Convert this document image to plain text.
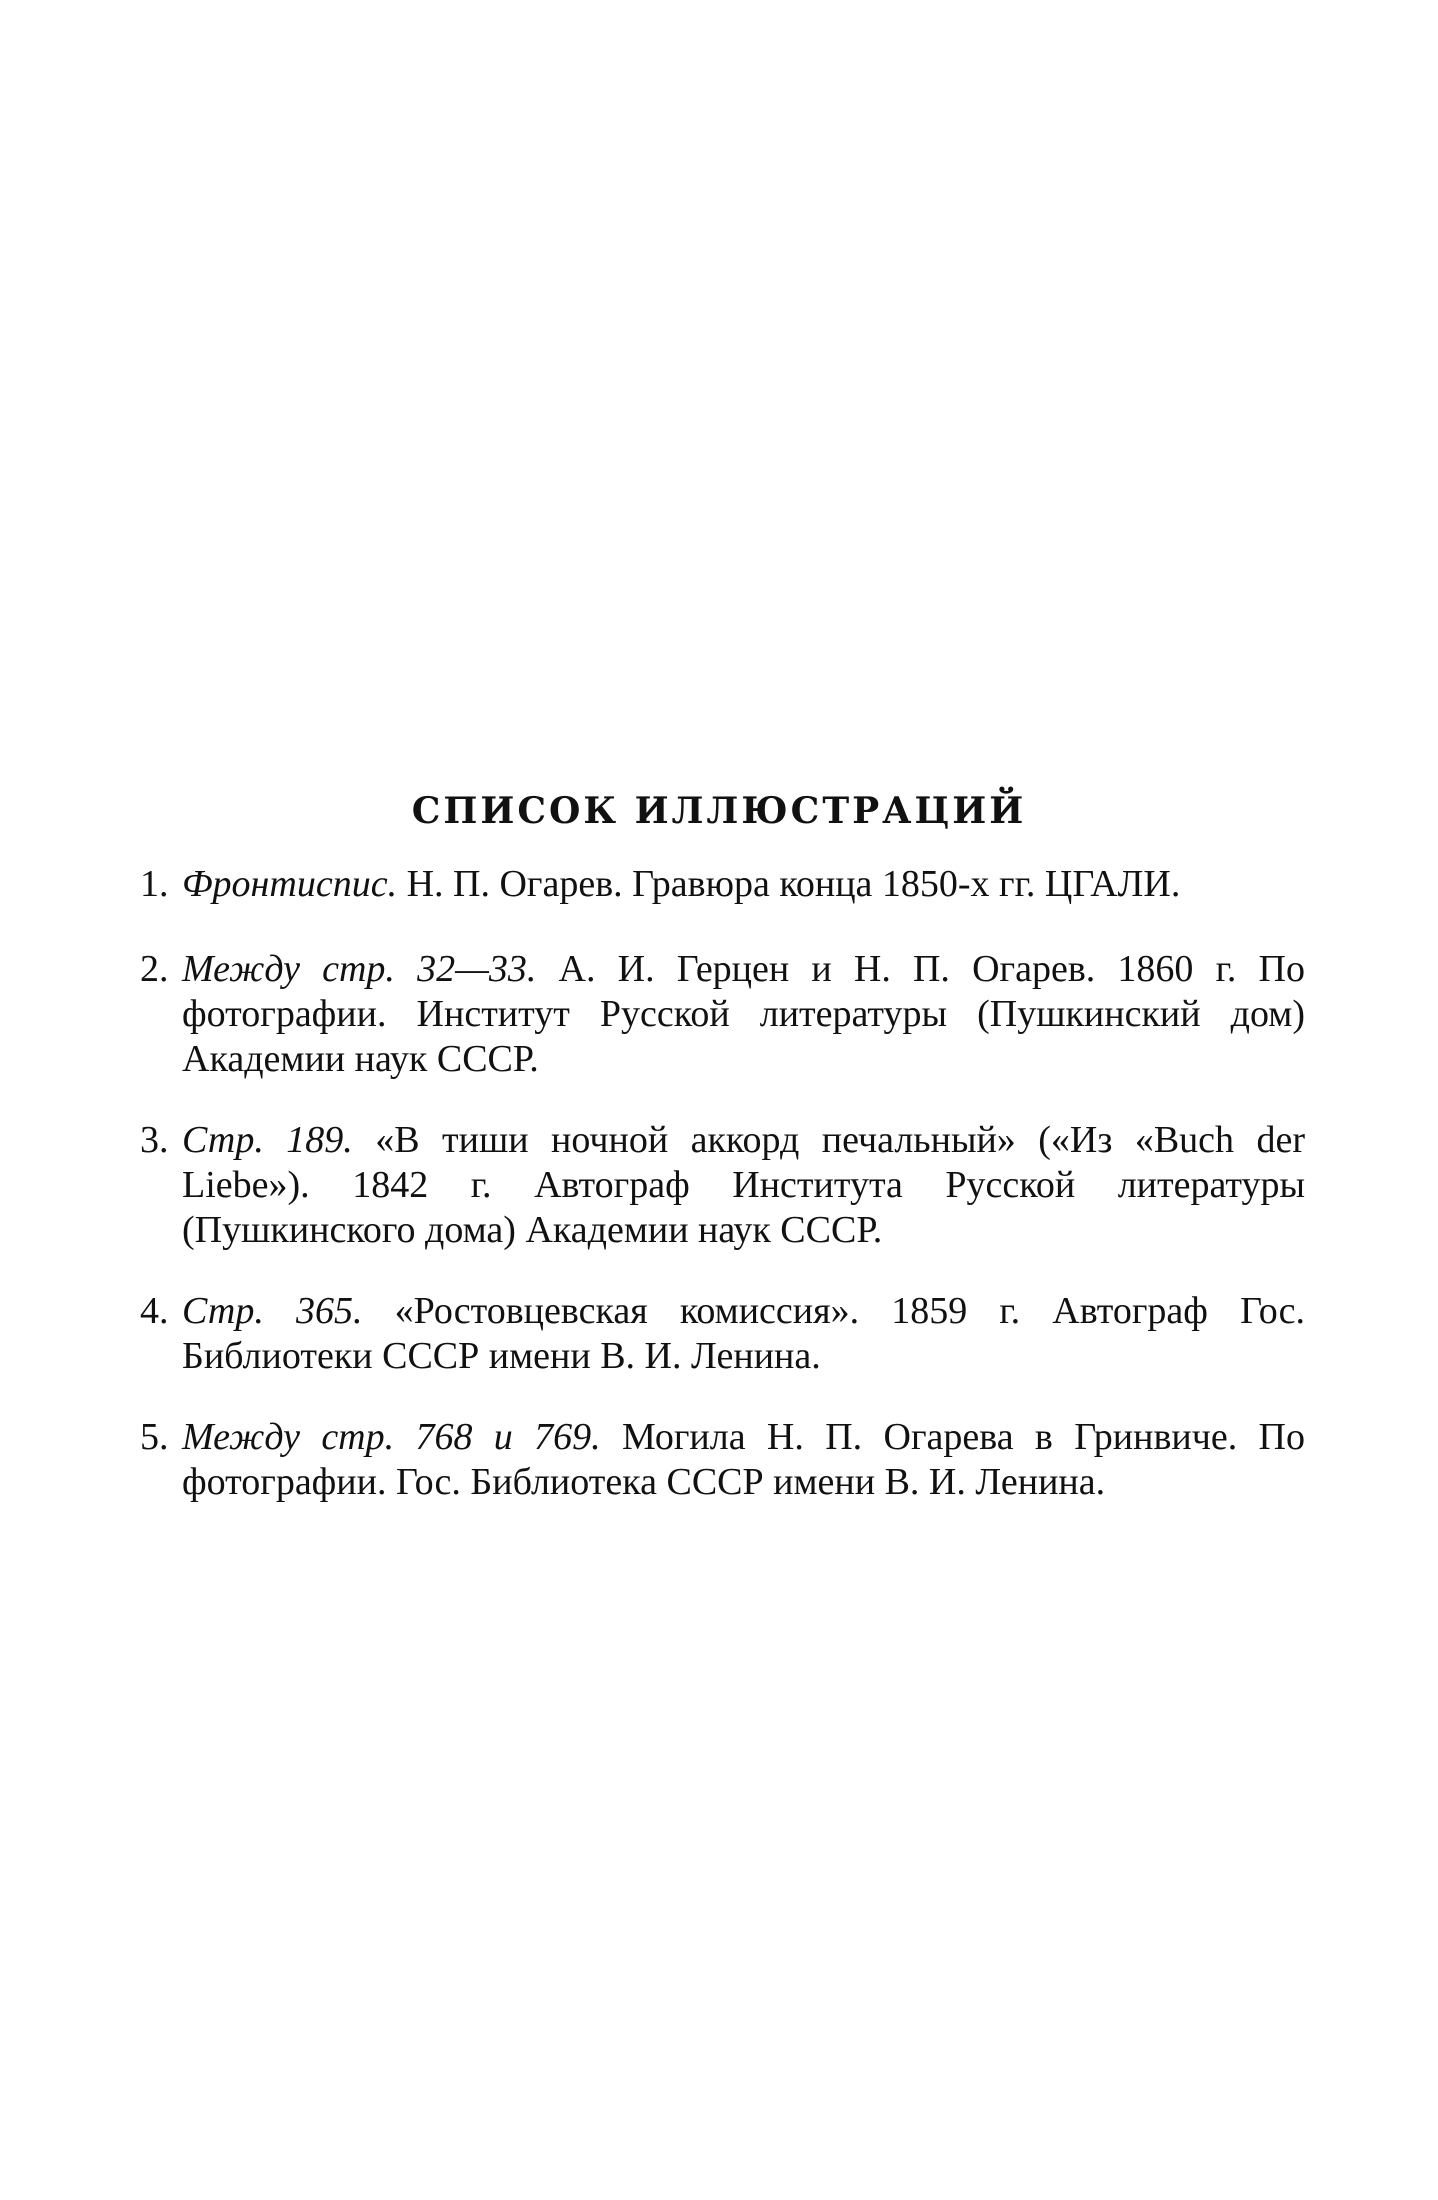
СПИСОК ИЛЛЮСТРАЦИЙ
1. Фронтиспис. Н. П. Огарев. Гравюра конца 1850-х гг. ЦГАЛИ.
2. Между стр. 32—33. А. И. Герцен и Н. П. Огарев. 1860 г. По фотографии. Институт Русской литературы (Пушкинский дом) Академии наук СССР.
3. Стр. 189. «В тиши ночной аккорд печальный» («Из «Buch der Liebe»). 1842 г. Автограф Института Русской литературы (Пушкинского дома) Академии наук СССР.
4. Стр. 365. «Ростовцевская комиссия». 1859 г. Автограф Гос. Библиотеки СССР имени В. И. Ленина.
5. Между стр. 768 и 769. Могила Н. П. Огарева в Гринвиче. По фотографии. Гос. Библиотека СССР имени В. И. Ленина.
